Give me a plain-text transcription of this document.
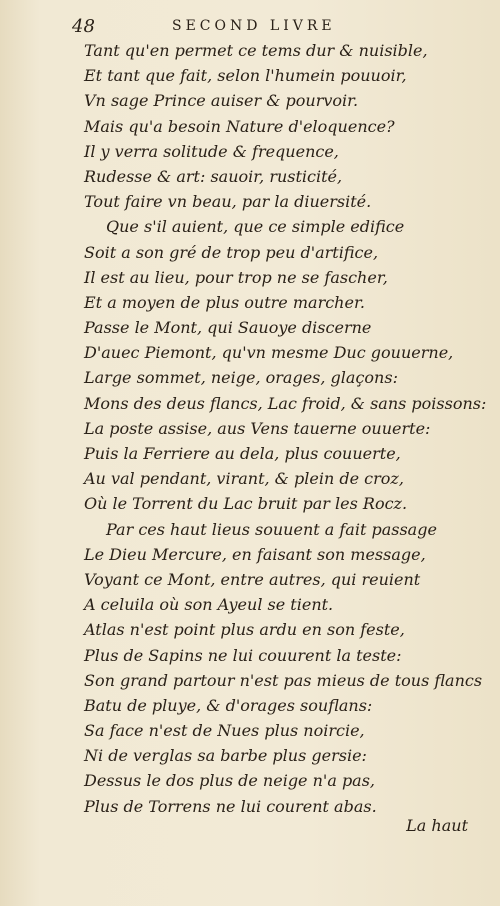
48	SECOND LIVRE
Tant qu'en permet ce tems dur & nuisible,
Et tant que fait, selon l'humein pouuoir,
Vn sage Prince auiser & pourvoir.
Mais qu'a besoin Nature d'eloquence?
Il y verra solitude & frequence,
Rudesse & art: sauoir, rusticité,
Tout faire vn beau, par la diuersité.
Que s'il auient, que ce simple edifice
Soit a son gré de trop peu d'artifice,
Il est au lieu, pour trop ne se fascher,
Et a moyen de plus outre marcher.
Passe le Mont, qui Sauoye discerne
D'auec Piemont, qu'vn mesme Duc gouuerne,
Large sommet, neige, orages, glaçons:
Mons des deus flancs, Lac froid, & sans poissons:
La poste assise, aus Vens tauerne ouuerte:
Puis la Ferriere au dela, plus couuerte,
Au val pendant, virant, & plein de croz,
Où le Torrent du Lac bruit par les Rocz.
Par ces haut lieus souuent a fait passage
Le Dieu Mercure, en faisant son message,
Voyant ce Mont, entre autres, qui reuient
A celuila où son Ayeul se tient.
Atlas n'est point plus ardu en son feste,
Plus de Sapins ne lui couurent la teste:
Son grand partour n'est pas mieus de tous flancs
Batu de pluye, & d'orages souflans:
Sa face n'est de Nues plus noircie,
Ni de verglas sa barbe plus gersie:
Dessus le dos plus de neige n'a pas,
Plus de Torrens ne lui courent abas.
La haut
